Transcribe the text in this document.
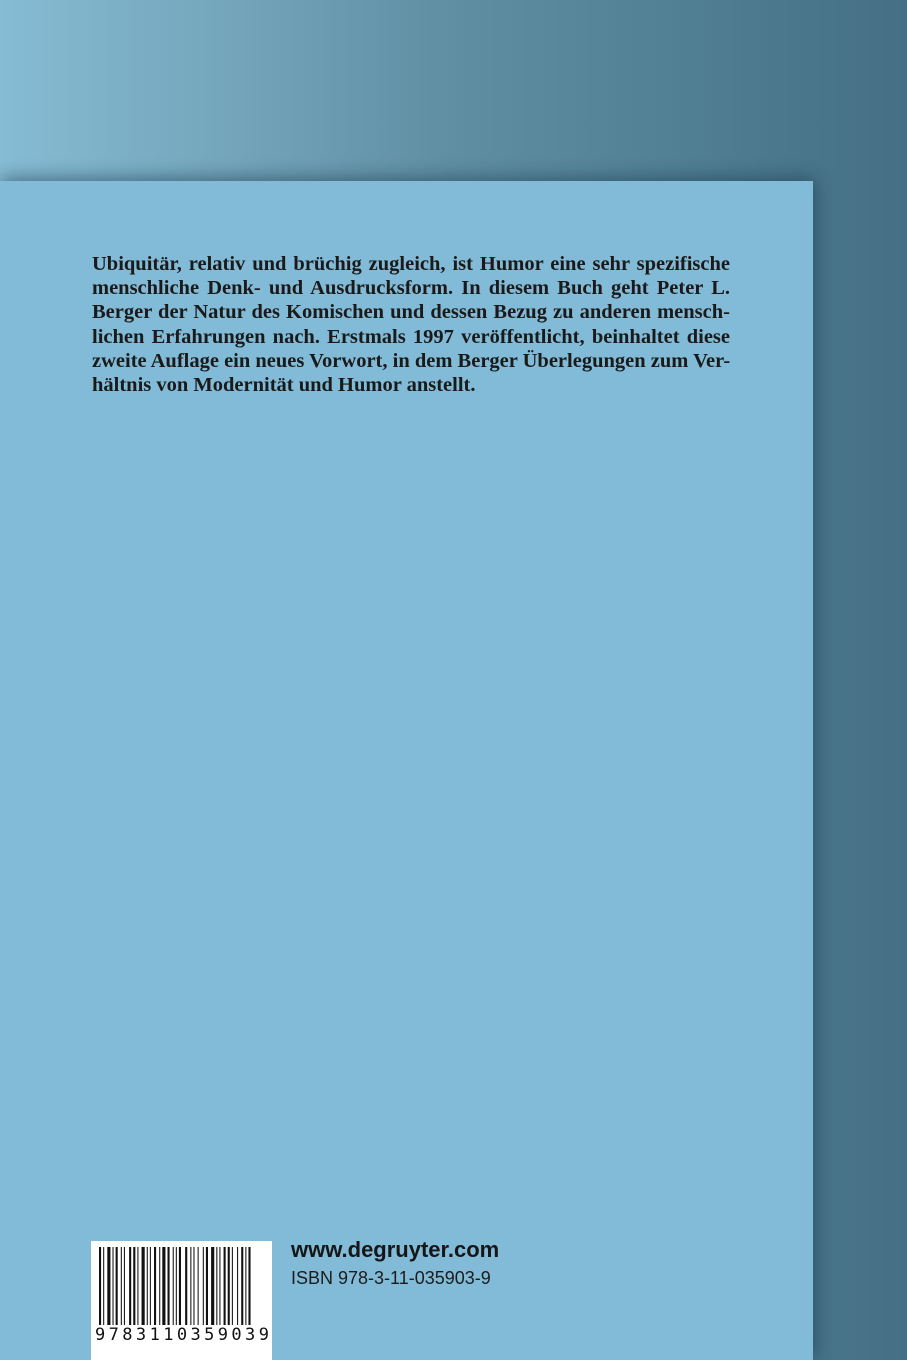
Ubiquitär, relativ und brüchig zugleich, ist Humor eine sehr spezifische
menschliche Denk- und Ausdrucksform. In diesem Buch geht Peter L.
Berger der Natur des Komischen und dessen Bezug zu anderen mensch-
lichen Erfahrungen nach. Erstmals 1997 veröffentlicht, beinhaltet diese
zweite Auflage ein neues Vorwort, in dem Berger Überlegungen zum Ver-
hältnis von Modernität und Humor anstellt.

9 7 8 3 1 1 0 3 5 9 0 3 9

www.degruyter.com

ISBN 978-3-11-035903-9
